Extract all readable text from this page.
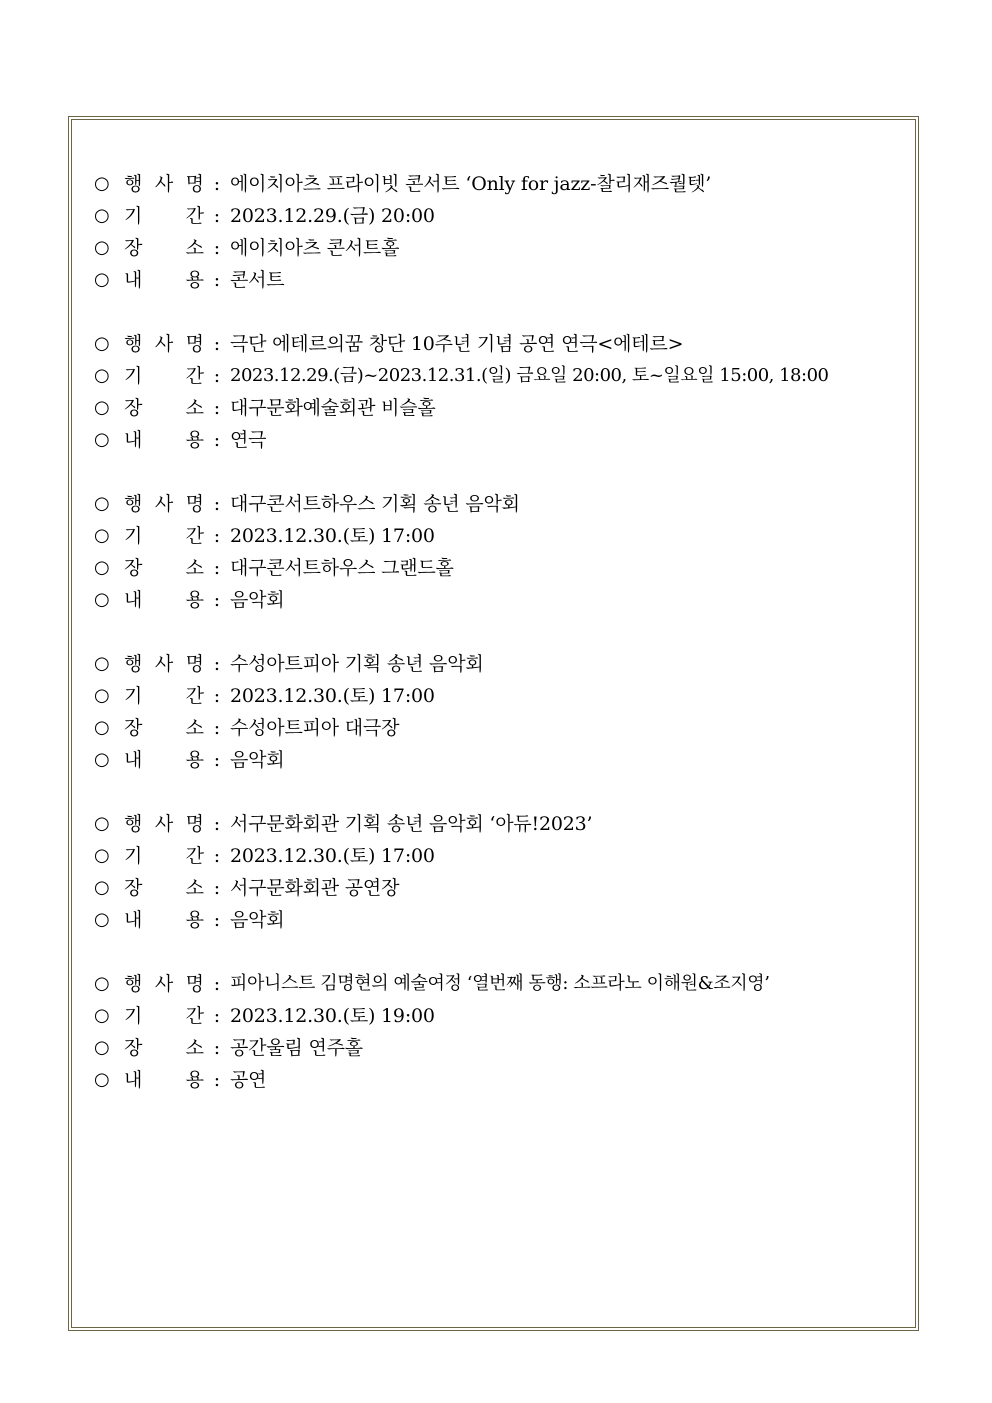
○ 행 사 명 : 에이치아츠 프라이빗 콘서트 ‘Only for jazz-찰리재즈퀄텟’
○ 기 간 : 2023.12.29.(금) 20:00
○ 장 소 : 에이치아츠 콘서트홀
○ 내 용 : 콘서트
○ 행 사 명 : 극단 에테르의꿈 창단 10주년 기념 공연 연극<에테르>
○ 기 간 : 2023.12.29.(금)~2023.12.31.(일) 금요일 20:00, 토~일요일 15:00, 18:00
○ 장 소 : 대구문화예술회관 비슬홀
○ 내 용 : 연극
○ 행 사 명 : 대구콘서트하우스 기획 송년 음악회
○ 기 간 : 2023.12.30.(토) 17:00
○ 장 소 : 대구콘서트하우스 그랜드홀
○ 내 용 : 음악회
○ 행 사 명 : 수성아트피아 기획 송년 음악회
○ 기 간 : 2023.12.30.(토) 17:00
○ 장 소 : 수성아트피아 대극장
○ 내 용 : 음악회
○ 행 사 명 : 서구문화회관 기획 송년 음악회 ‘아듀!2023’
○ 기 간 : 2023.12.30.(토) 17:00
○ 장 소 : 서구문화회관 공연장
○ 내 용 : 음악회
○ 행 사 명 : 피아니스트 김명현의 예술여정 ‘열번째 동행: 소프라노 이해원&조지영’
○ 기 간 : 2023.12.30.(토) 19:00
○ 장 소 : 공간울림 연주홀
○ 내 용 : 공연
